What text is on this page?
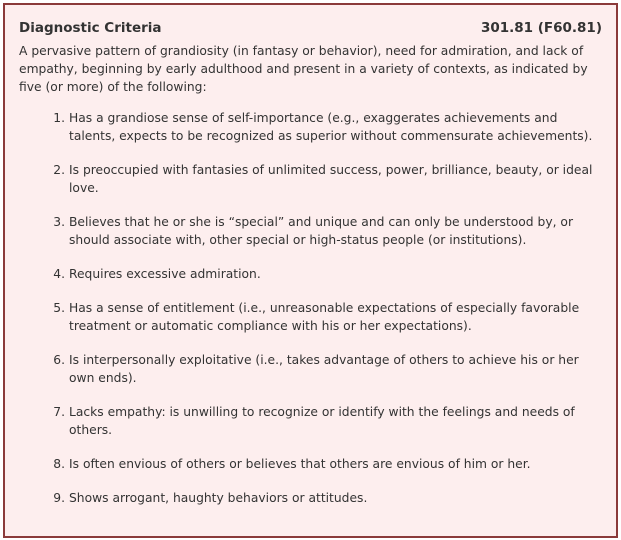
Diagnostic Criteria	301.81 (F60.81)
A pervasive pattern of grandiosity (in fantasy or behavior), need for admiration, and lack of empathy, beginning by early adulthood and present in a variety of contexts, as indicated by five (or more) of the following:
1. Has a grandiose sense of self-importance (e.g., exaggerates achievements and talents, expects to be recognized as superior without commensurate achievements).
2. Is preoccupied with fantasies of unlimited success, power, brilliance, beauty, or ideal love.
3. Believes that he or she is “special” and unique and can only be understood by, or should associate with, other special or high-status people (or institutions).
4. Requires excessive admiration.
5. Has a sense of entitlement (i.e., unreasonable expectations of especially favorable treatment or automatic compliance with his or her expectations).
6. Is interpersonally exploitative (i.e., takes advantage of others to achieve his or her own ends).
7. Lacks empathy: is unwilling to recognize or identify with the feelings and needs of others.
8. Is often envious of others or believes that others are envious of him or her.
9. Shows arrogant, haughty behaviors or attitudes.
